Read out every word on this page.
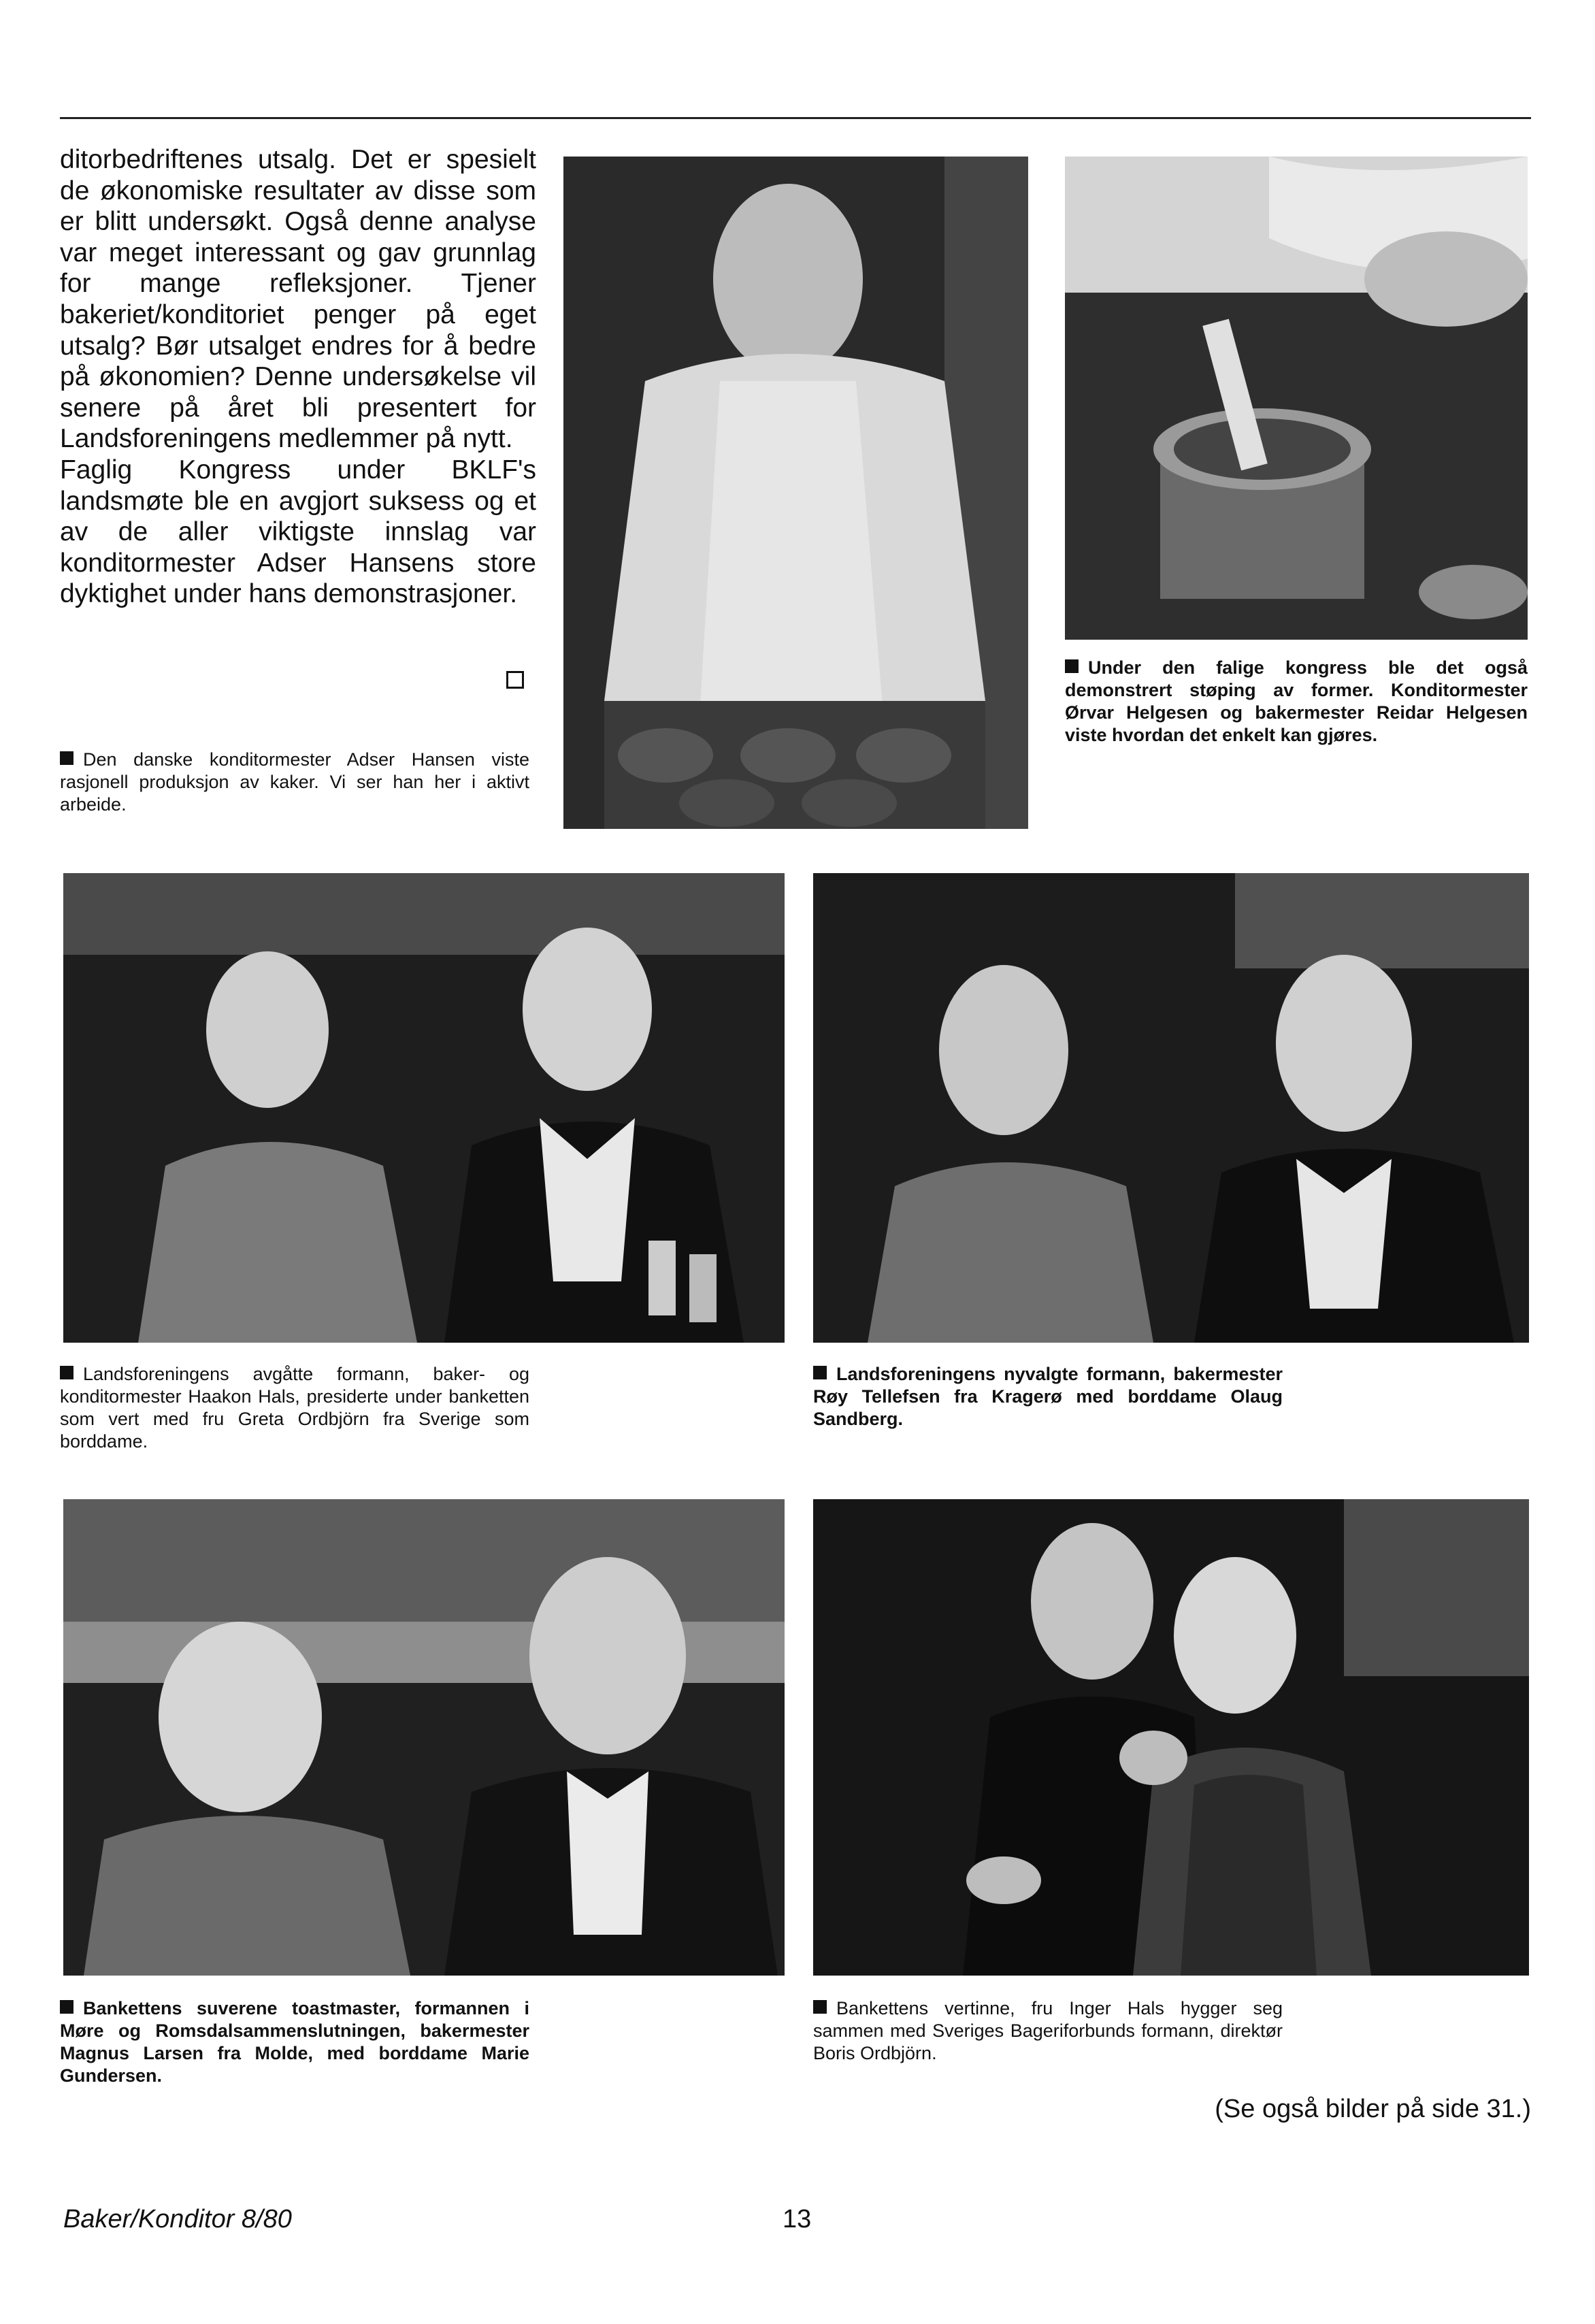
ditorbedriftenes utsalg. Det er spesielt de økonomiske resultater av disse som er blitt undersøkt. Også denne analyse var meget interessant og gav grunnlag for mange refleksjoner. Tjener bakeriet/konditoriet penger på eget utsalg? Bør utsalget endres for å bedre på økonomien? Denne undersøkelse vil senere på året bli presentert for Landsforeningens medlemmer på nytt.

Faglig Kongress under BKLF's landsmøte ble en avgjort suksess og et av de aller viktigste innslag var konditormester Adser Hansens store dyktighet under hans demonstrasjoner.

Den danske konditormester Adser Hansen viste rasjonell produksjon av kaker. Vi ser han her i aktivt arbeide.

Under den falige kongress ble det også demonstrert støping av former. Konditormester Ørvar Helgesen og bakermester Reidar Helgesen viste hvordan det enkelt kan gjøres.

Landsforeningens avgåtte formann, baker- og konditormester Haakon Hals, presiderte under banketten som vert med fru Greta Ordbjörn fra Sverige som borddame.

Landsforeningens nyvalgte formann, bakermester Røy Tellefsen fra Kragerø med borddame Olaug Sandberg.

Bankettens suverene toastmaster, formannen i Møre og Romsdalsammenslutningen, bakermester Magnus Larsen fra Molde, med borddame Marie Gundersen.

Bankettens vertinne, fru Inger Hals hygger seg sammen med Sveriges Bageriforbunds formann, direktør Boris Ordbjörn.

(Se også bilder på side 31.)
Baker/Konditor 8/80	13
